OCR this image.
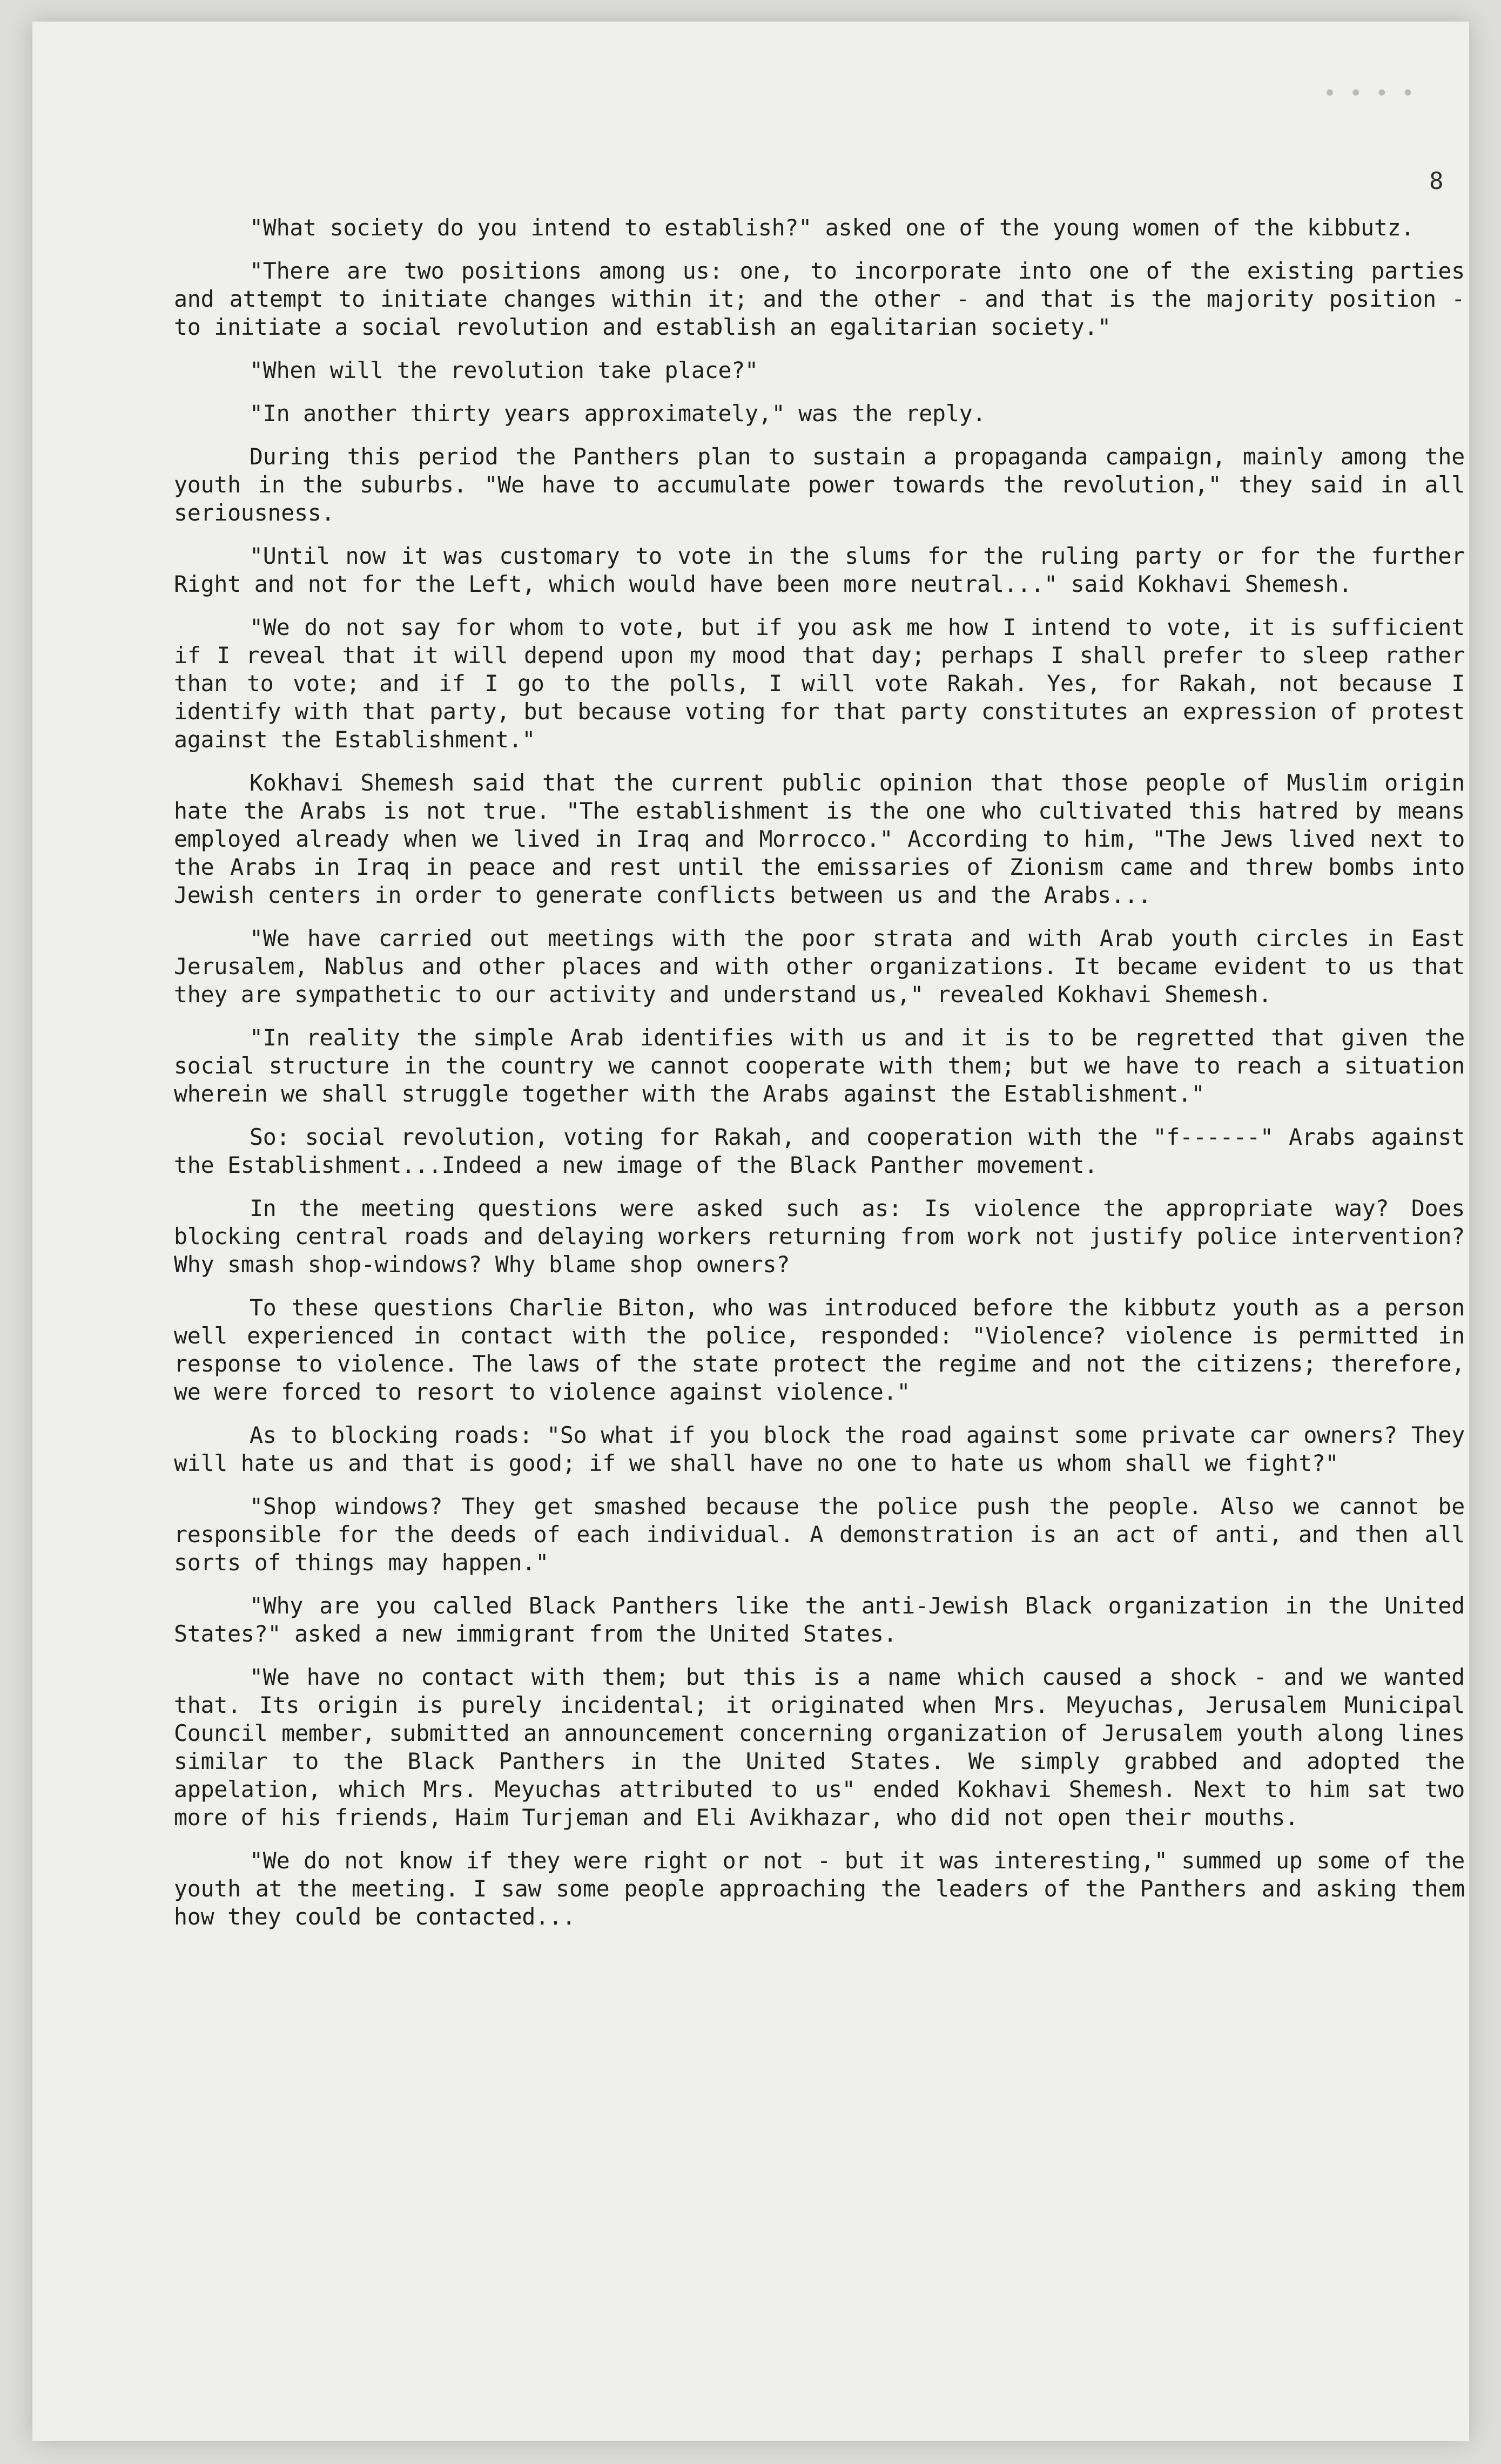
• • • •
8

"What society do you intend to establish?" asked one of the young women of the kibbutz.

"There are two positions among us: one, to incorporate into one of the existing parties and attempt to initiate changes within it; and the other - and that is the majority position - to initiate a social revolution and establish an egalitarian society."

"When will the revolution take place?"

"In another thirty years approximately," was the reply.

During this period the Panthers plan to sustain a propaganda campaign, mainly among the youth in the suburbs. "We have to accumulate power towards the revolution," they said in all seriousness.

"Until now it was customary to vote in the slums for the ruling party or for the further Right and not for the Left, which would have been more neutral..." said Kokhavi Shemesh.

"We do not say for whom to vote, but if you ask me how I intend to vote, it is sufficient if I reveal that it will depend upon my mood that day; perhaps I shall prefer to sleep rather than to vote; and if I go to the polls, I will vote Rakah. Yes, for Rakah, not because I identify with that party, but because voting for that party constitutes an expression of protest against the Establishment."

Kokhavi Shemesh said that the current public opinion that those people of Muslim origin hate the Arabs is not true. "The establishment is the one who cultivated this hatred by means employed already when we lived in Iraq and Morrocco." According to him, "The Jews lived next to the Arabs in Iraq in peace and rest until the emissaries of Zionism came and threw bombs into Jewish centers in order to generate conflicts between us and the Arabs...

"We have carried out meetings with the poor strata and with Arab youth circles in East Jerusalem, Nablus and other places and with other organizations. It became evident to us that they are sympathetic to our activity and understand us," revealed Kokhavi Shemesh.

"In reality the simple Arab identifies with us and it is to be regretted that given the social structure in the country we cannot cooperate with them; but we have to reach a situation wherein we shall struggle together with the Arabs against the Establishment."

So: social revolution, voting for Rakah, and cooperation with the "f------" Arabs against the Establishment...Indeed a new image of the Black Panther movement.

In the meeting questions were asked such as: Is violence the appropriate way? Does blocking central roads and delaying workers returning from work not justify police intervention? Why smash shop-windows? Why blame shop owners?

To these questions Charlie Biton, who was introduced before the kibbutz youth as a person well experienced in contact with the police, responded: "Violence? violence is permitted in response to violence. The laws of the state protect the regime and not the citizens; therefore, we were forced to resort to violence against violence."

As to blocking roads: "So what if you block the road against some private car owners? They will hate us and that is good; if we shall have no one to hate us whom shall we fight?"

"Shop windows? They get smashed because the police push the people. Also we cannot be responsible for the deeds of each individual. A demonstration is an act of anti, and then all sorts of things may happen."

"Why are you called Black Panthers like the anti-Jewish Black organization in the United States?" asked a new immigrant from the United States.

"We have no contact with them; but this is a name which caused a shock - and we wanted that. Its origin is purely incidental; it originated when Mrs. Meyuchas, Jerusalem Municipal Council member, submitted an announcement concerning organization of Jerusalem youth along lines similar to the Black Panthers in the United States. We simply grabbed and adopted the appelation, which Mrs. Meyuchas attributed to us" ended Kokhavi Shemesh. Next to him sat two more of his friends, Haim Turjeman and Eli Avikhazar, who did not open their mouths.

"We do not know if they were right or not - but it was interesting," summed up some of the youth at the meeting. I saw some people approaching the leaders of the Panthers and asking them how they could be contacted...
